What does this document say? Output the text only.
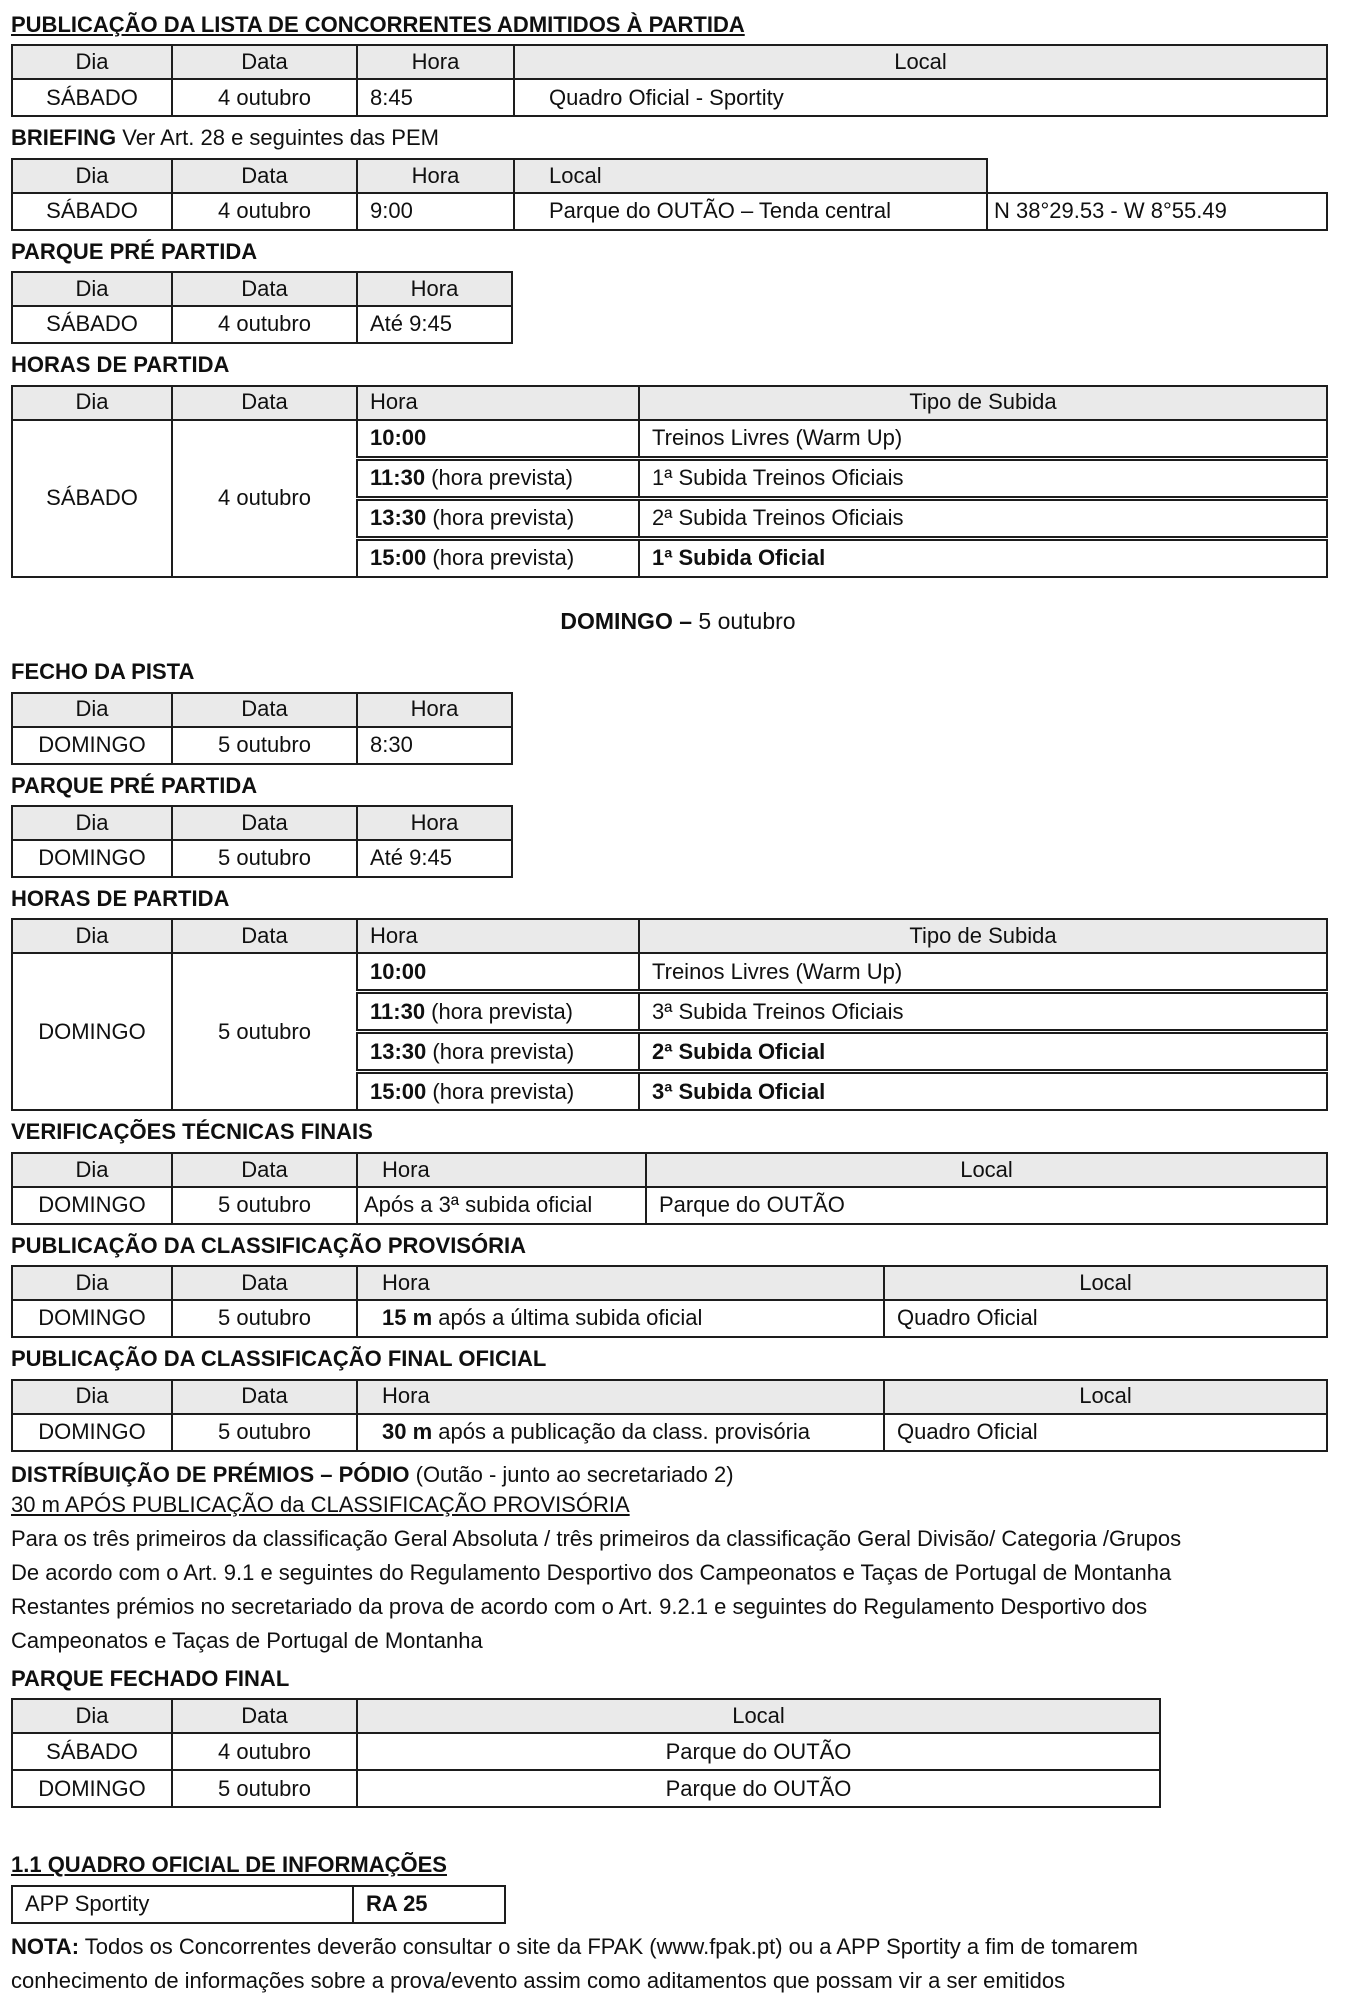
PUBLICAÇÃO DA LISTA DE CONCORRENTES ADMITIDOS À PARTIDA
Dia	Data	Hora	Local
SÁBADO	4 outubro	8:45	Quadro Oficial - Sportity
BRIEFING Ver Art. 28 e seguintes das PEM
Dia	Data	Hora	Local	
SÁBADO	4 outubro	9:00	Parque do OUTÃO – Tenda central	N 38°29.53 - W 8°55.49
PARQUE PRÉ PARTIDA
Dia	Data	Hora
SÁBADO	4 outubro	Até 9:45
HORAS DE PARTIDA
Dia	Data	Hora	Tipo de Subida
SÁBADO	4 outubro	10:00	Treinos Livres (Warm Up)
		11:30 (hora prevista)	1ª Subida Treinos Oficiais
		13:30 (hora prevista)	2ª Subida Treinos Oficiais
		15:00 (hora prevista)	1ª Subida Oficial
DOMINGO – 5 outubro
FECHO DA PISTA
Dia	Data	Hora
DOMINGO	5 outubro	8:30
PARQUE PRÉ PARTIDA
Dia	Data	Hora
DOMINGO	5 outubro	Até 9:45
HORAS DE PARTIDA
Dia	Data	Hora	Tipo de Subida
DOMINGO	5 outubro	10:00	Treinos Livres (Warm Up)
		11:30 (hora prevista)	3ª Subida Treinos Oficiais
		13:30 (hora prevista)	2ª Subida Oficial
		15:00 (hora prevista)	3ª Subida Oficial
VERIFICAÇÕES TÉCNICAS FINAIS
Dia	Data	Hora	Local
DOMINGO	5 outubro	Após a 3ª subida oficial	Parque do OUTÃO
PUBLICAÇÃO DA CLASSIFICAÇÃO PROVISÓRIA
Dia	Data	Hora	Local
DOMINGO	5 outubro	15 m após a última subida oficial	Quadro Oficial
PUBLICAÇÃO DA CLASSIFICAÇÃO FINAL OFICIAL
Dia	Data	Hora	Local
DOMINGO	5 outubro	30 m após a publicação da class. provisória	Quadro Oficial
DISTRÍBUIÇÃO DE PRÉMIOS – PÓDIO (Outão - junto ao secretariado 2)
30 m APÓS PUBLICAÇÃO da CLASSIFICAÇÃO PROVISÓRIA
Para os três primeiros da classificação Geral Absoluta / três primeiros da classificação Geral Divisão/ Categoria /Grupos
De acordo com o Art. 9.1 e seguintes do Regulamento Desportivo dos Campeonatos e Taças de Portugal de Montanha
Restantes prémios no secretariado da prova de acordo com o Art. 9.2.1 e seguintes do Regulamento Desportivo dos
Campeonatos e Taças de Portugal de Montanha
PARQUE FECHADO FINAL
Dia	Data	Local
SÁBADO	4 outubro	Parque do OUTÃO
DOMINGO	5 outubro	Parque do OUTÃO
1.1 QUADRO OFICIAL DE INFORMAÇÕES
APP Sportity	RA 25
NOTA: Todos os Concorrentes deverão consultar o site da FPAK (www.fpak.pt) ou a APP Sportity a fim de tomarem
conhecimento de informações sobre a prova/evento assim como aditamentos que possam vir a ser emitidos
